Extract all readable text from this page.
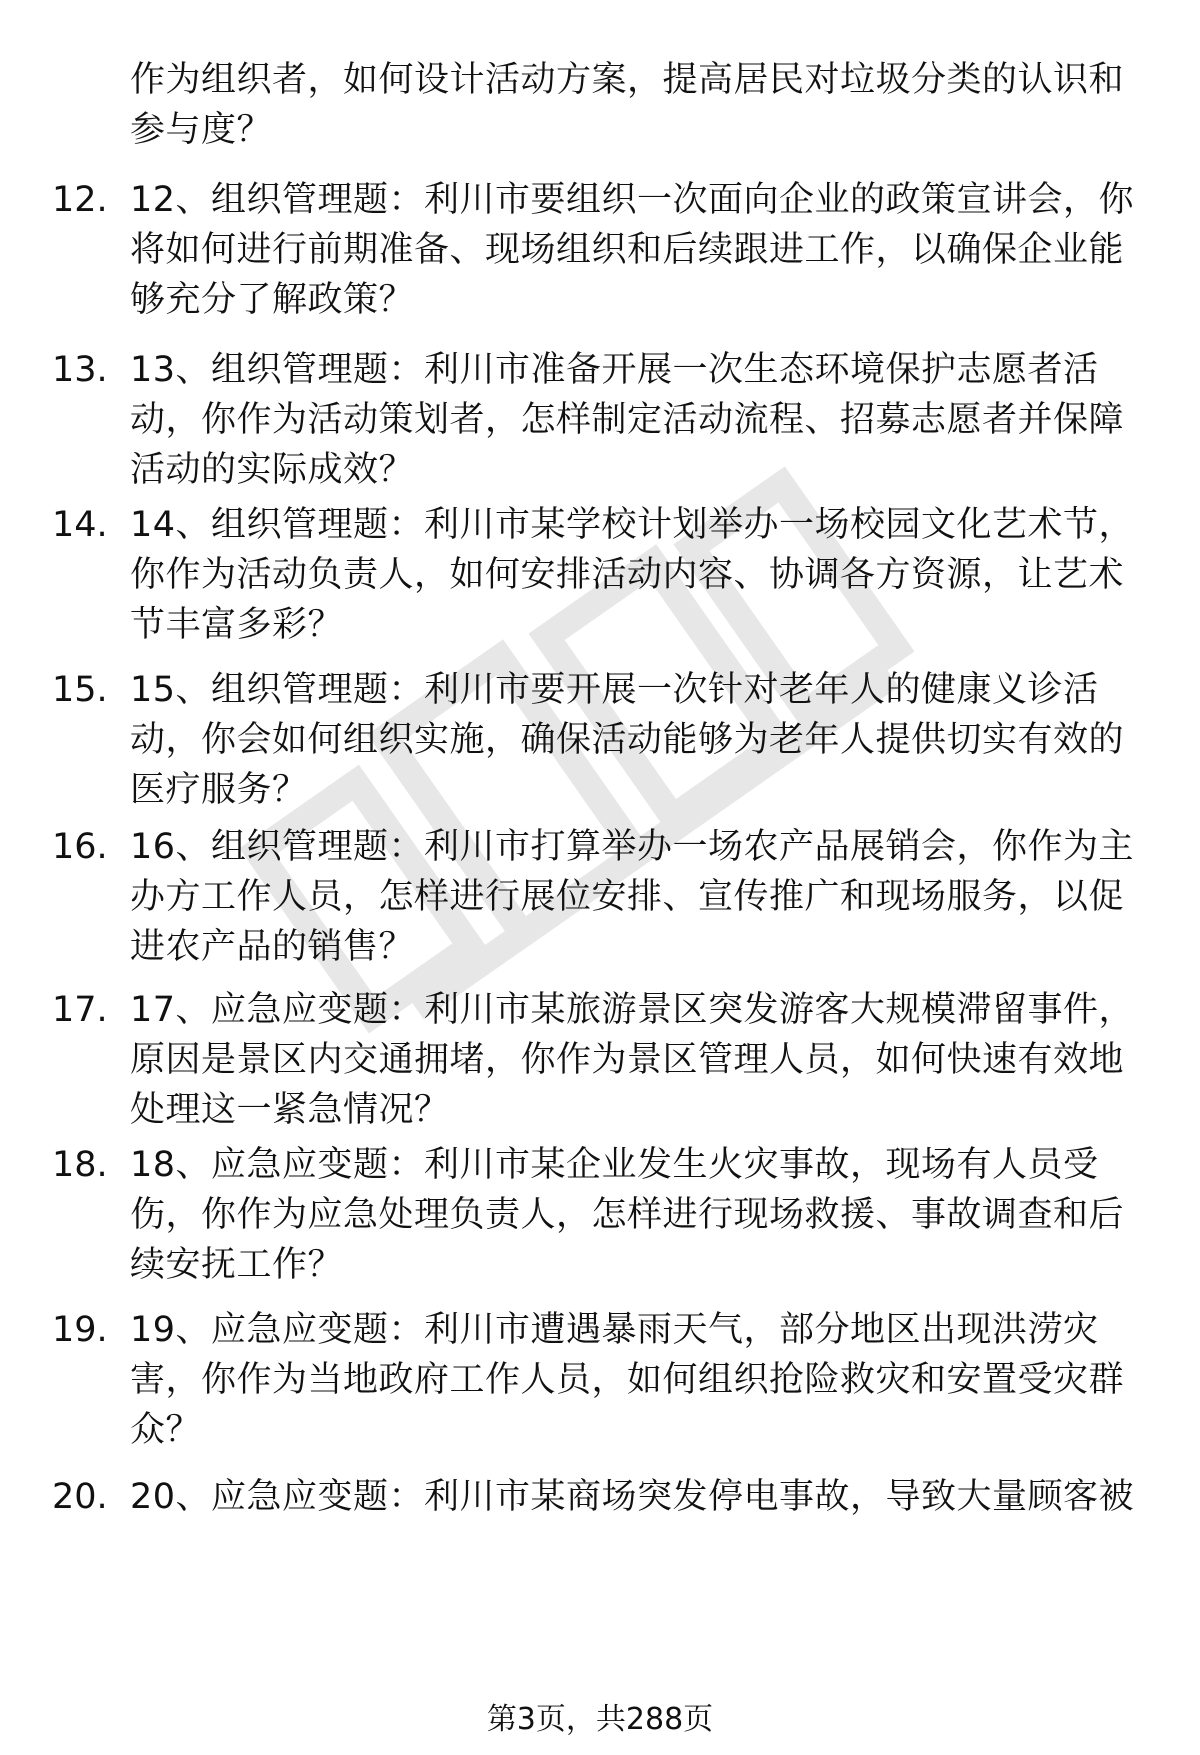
作为组织者，如何设计活动方案，提高居民对垃圾分类的认识和参与度？
12. 12、组织管理题：利川市要组织一次面向企业的政策宣讲会，你将如何进行前期准备、现场组织和后续跟进工作，以确保企业能够充分了解政策？
13. 13、组织管理题：利川市准备开展一次生态环境保护志愿者活动，你作为活动策划者，怎样制定活动流程、招募志愿者并保障活动的实际成效？
14. 14、组织管理题：利川市某学校计划举办一场校园文化艺术节，你作为活动负责人，如何安排活动内容、协调各方资源，让艺术节丰富多彩？
15. 15、组织管理题：利川市要开展一次针对老年人的健康义诊活动，你会如何组织实施，确保活动能够为老年人提供切实有效的医疗服务？
16. 16、组织管理题：利川市打算举办一场农产品展销会，你作为主办方工作人员，怎样进行展位安排、宣传推广和现场服务，以促进农产品的销售？
17. 17、应急应变题：利川市某旅游景区突发游客大规模滞留事件，原因是景区内交通拥堵，你作为景区管理人员，如何快速有效地处理这一紧急情况？
18. 18、应急应变题：利川市某企业发生火灾事故，现场有人员受伤，你作为应急处理负责人，怎样进行现场救援、事故调查和后续安抚工作？
19. 19、应急应变题：利川市遭遇暴雨天气，部分地区出现洪涝灾害，你作为当地政府工作人员，如何组织抢险救灾和安置受灾群众？
20. 20、应急应变题：利川市某商场突发停电事故，导致大量顾客被
第3页，共288页
